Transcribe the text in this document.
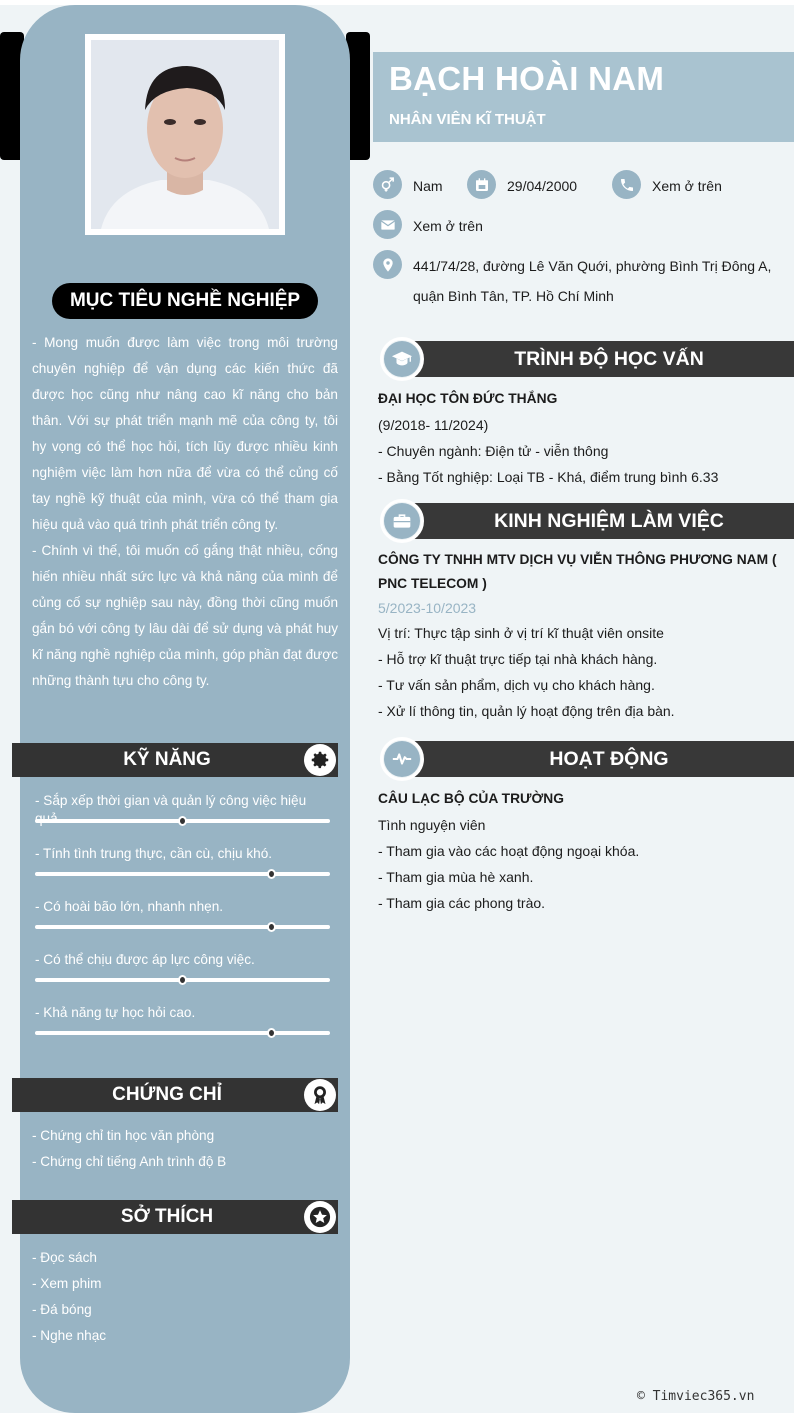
MỤC TIÊU NGHỀ NGHIỆP

- Mong muốn được làm việc trong môi trường chuyên nghiệp để vận dụng các kiến thức đã được học cũng như nâng cao kĩ năng cho bản thân. Với sự phát triển mạnh mẽ của công ty, tôi hy vọng có thể học hỏi, tích lũy được nhiều kinh nghiệm việc làm hơn nữa để vừa có thể củng cố tay nghề kỹ thuật của mình, vừa có thể tham gia hiệu quả vào quá trình phát triển công ty.

- Chính vì thế, tôi muốn cố gắng thật nhiều, cống hiến nhiều nhất sức lực và khả năng của mình để củng cố sự nghiệp sau này, đồng thời cũng muốn gắn bó với công ty lâu dài để sử dụng và phát huy kĩ năng nghề nghiệp của mình, góp phần đạt được những thành tựu cho công ty.

KỸ NĂNG
- Sắp xếp thời gian và quản lý công việc hiệu
- Tính tình trung thực, cần cù, chịu khó.
- Có hoài bão lớn, nhanh nhẹn.
- Có thể chịu được áp lực công việc.
- Khả năng tự học hỏi cao.
CHỨNG CHỈ
- Chứng chỉ tin học văn phòng
- Chứng chỉ tiếng Anh trình độ B
SỞ THÍCH
- Đọc sách
- Xem phim
- Đá bóng
- Nghe nhạc
BẠCH HOÀI NAM
NHÂN VIÊN KĨ THUẬT
Nam	29/04/2000	Xem ở trên
Xem ở trên
441/74/28, đường Lê Văn Quới, phường Bình Trị Đông A,
quận Bình Tân, TP. Hồ Chí Minh
TRÌNH ĐỘ HỌC VẤN
ĐẠI HỌC TÔN ĐỨC THẮNG
(9/2018- 11/2024)
- Chuyên ngành: Điện tử - viễn thông
- Bằng Tốt nghiệp: Loại TB - Khá, điểm trung bình 6.33
KINH NGHIỆM LÀM VIỆC
CÔNG TY TNHH MTV DỊCH VỤ VIỄN THÔNG PHƯƠNG NAM ( PNC TELECOM )
5/2023-10/2023
Vị trí: Thực tập sinh ở vị trí kĩ thuật viên onsite
- Hỗ trợ kĩ thuật trực tiếp tại nhà khách hàng.
- Tư vấn sản phẩm, dịch vụ cho khách hàng.
- Xử lí thông tin, quản lý hoạt động trên địa bàn.
HOẠT ĐỘNG
CÂU LẠC BỘ CỦA TRƯỜNG
Tình nguyện viên
- Tham gia vào các hoạt động ngoại khóa.
- Tham gia mùa hè xanh.
- Tham gia các phong trào.
© Timviec365.vn
